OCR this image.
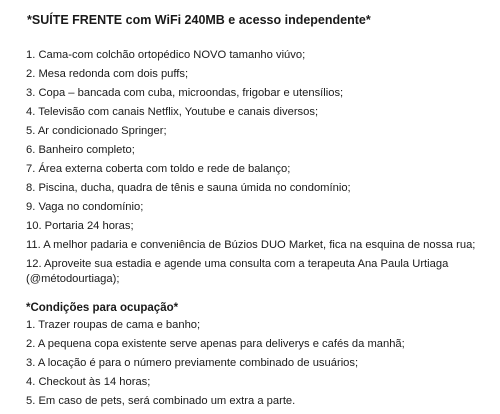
*SUÍTE FRENTE com WiFi 240MB e acesso independente*
1. Cama-com colchão ortopédico NOVO tamanho viúvo;
2. Mesa redonda com dois puffs;
3. Copa – bancada com cuba, microondas, frigobar e utensílios;
4. Televisão com canais Netflix, Youtube e canais diversos;
5. Ar condicionado Springer;
6. Banheiro completo;
7. Área externa coberta com toldo e rede de balanço;
8. Piscina, ducha, quadra de tênis e sauna úmida no condomínio;
9. Vaga no condomínio;
10. Portaria 24 horas;
11. A melhor padaria e conveniência de Búzios DUO Market, fica na esquina de nossa rua;
12. Aproveite sua estadia e agende uma consulta com a terapeuta Ana Paula Urtiaga (@métodourtiaga);
*Condições para ocupação*
1. Trazer roupas de cama e banho;
2. A pequena copa existente serve apenas para deliverys e cafés da manhã;
3. A locação é para o número previamente combinado de usuários;
4. Checkout às 14 horas;
5. Em caso de pets, será combinado um extra a parte.
